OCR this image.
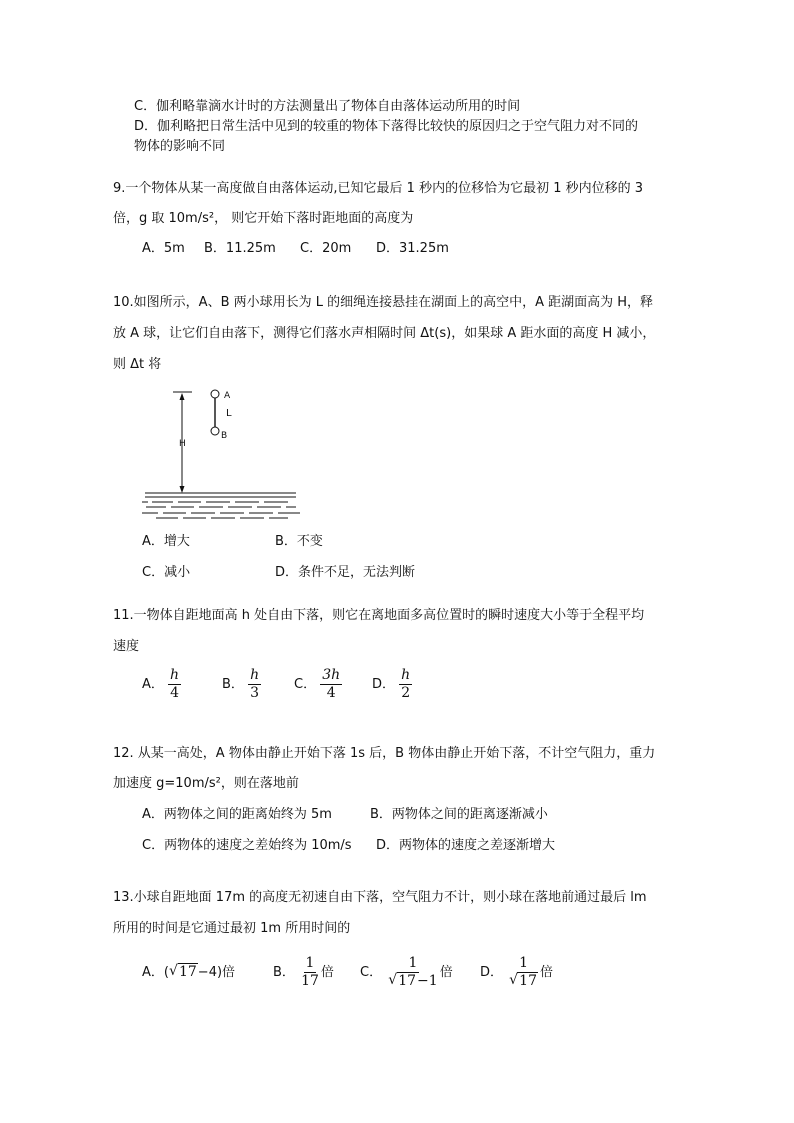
C．伽利略靠滴水计时的方法测量出了物体自由落体运动所用的时间
D．伽利略把日常生活中见到的较重的物体下落得比较快的原因归之于空气阻力对不同的
物体的影响不同
9.一个物体从某一高度做自由落体运动,已知它最后 1 秒内的位移恰为它最初 1 秒内位移的 3
倍，g 取 10m/s²， 则它开始下落时距地面的高度为
A．5m B．11.25m C．20m D．31.25m
10.如图所示，A、B 两小球用长为 L 的细绳连接悬挂在湖面上的高空中，A 距湖面高为 H，释
放 A 球，让它们自由落下，测得它们落水声相隔时间 Δt(s)，如果球 A 距水面的高度 H 减小，
则 Δt 将
H
A
L
B
A．增大	B．不变
C．减小	D．条件不足，无法判断
11.一物体自距地面高 h 处自由下落，则它在离地面多高位置时的瞬时速度大小等于全程平均
速度
A． $\frac{h}{4}$	B． $\frac{h}{3}$	C． $\frac{3h}{4}$ D． $\frac{h}{2}$
12. 从某一高处，A 物体由静止开始下落 1s 后，B 物体由静止开始下落，不计空气阻力，重力
加速度 g=10m/s²，则在落地前
A．两物体之间的距离始终为 5m	B．两物体之间的距离逐渐减小
C．两物体的速度之差始终为 10m/s D．两物体的速度之差逐渐增大
13.小球自距地面 17m 的高度无初速自由下落，空气阻力不计，则小球在落地前通过最后 lm
所用的时间是它通过最初 1m 所用时间的
A．( √ 17−4)倍	B． $\frac{1}{17}$ 倍 C． $\frac{1}{√ 17-1}$ 倍 D． $\frac{1}{√ 17}$ 倍
